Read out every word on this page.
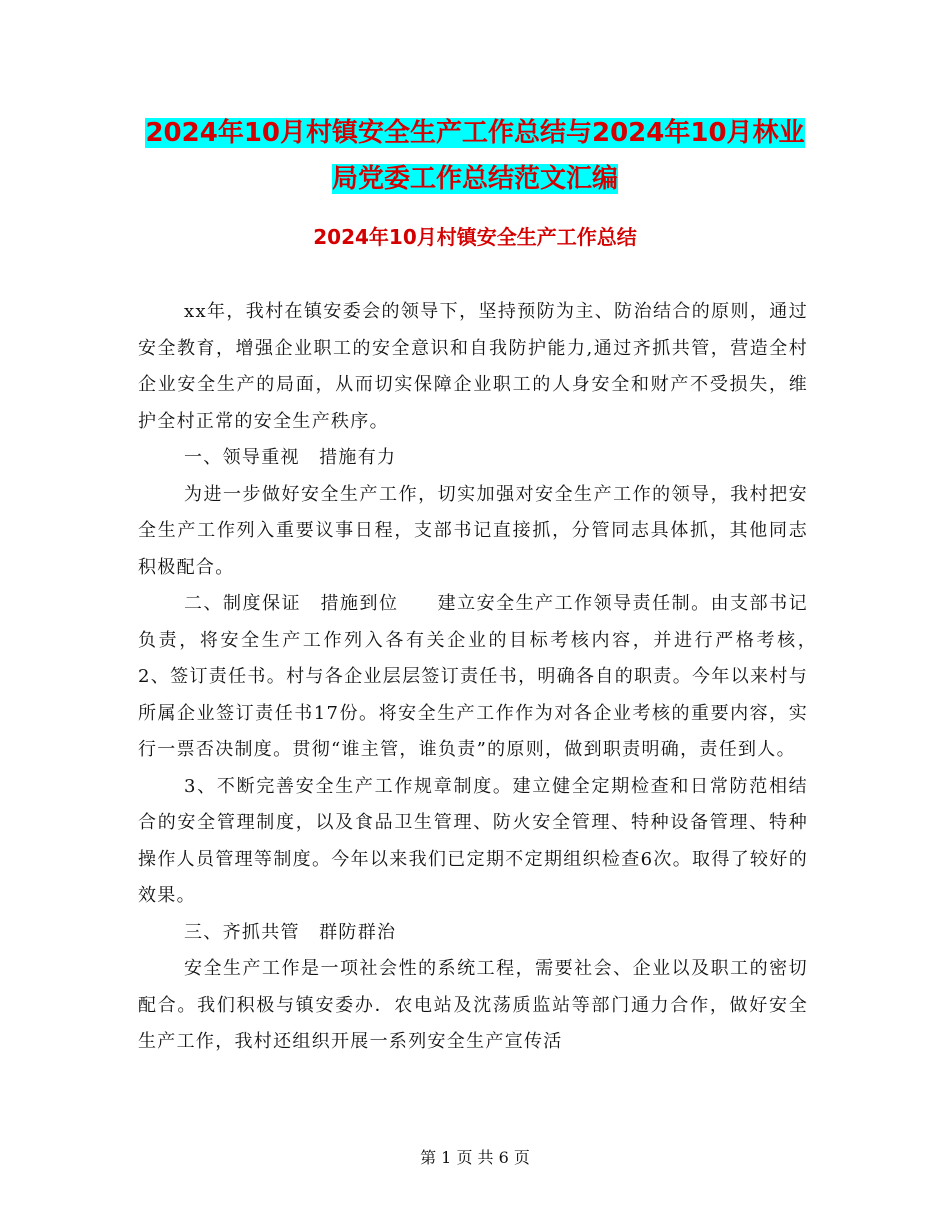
2024年10月村镇安全生产工作总结与2024年10月林业局党委工作总结范文汇编
2024年10月村镇安全生产工作总结

xx年，我村在镇安委会的领导下，坚持预防为主、防治结合的原则，通过安全教育，增强企业职工的安全意识和自我防护能力,通过齐抓共管，营造全村企业安全生产的局面，从而切实保障企业职工的人身安全和财产不受损失，维护全村正常的安全生产秩序。

一、领导重视　措施有力

为进一步做好安全生产工作，切实加强对安全生产工作的领导，我村把安全生产工作列入重要议事日程，支部书记直接抓，分管同志具体抓，其他同志积极配合。

二、制度保证　措施到位　　建立安全生产工作领导责任制。由支部书记负责，将安全生产工作列入各有关企业的目标考核内容，并进行严格考核，　　2、签订责任书。村与各企业层层签订责任书，明确各自的职责。今年以来村与所属企业签订责任书17份。将安全生产工作作为对各企业考核的重要内容，实行一票否决制度。贯彻“谁主管，谁负责”的原则，做到职责明确，责任到人。

3、不断完善安全生产工作规章制度。建立健全定期检查和日常防范相结合的安全管理制度，以及食品卫生管理、防火安全管理、特种设备管理、特种操作人员管理等制度。今年以来我们已定期不定期组织检查6次。取得了较好的效果。

三、齐抓共管　群防群治

安全生产工作是一项社会性的系统工程，需要社会、企业以及职工的密切配合。我们积极与镇安委办．农电站及沈荡质监站等部门通力合作，做好安全生产工作，我村还组织开展一系列安全生产宣传活

第 1 页 共 6 页
